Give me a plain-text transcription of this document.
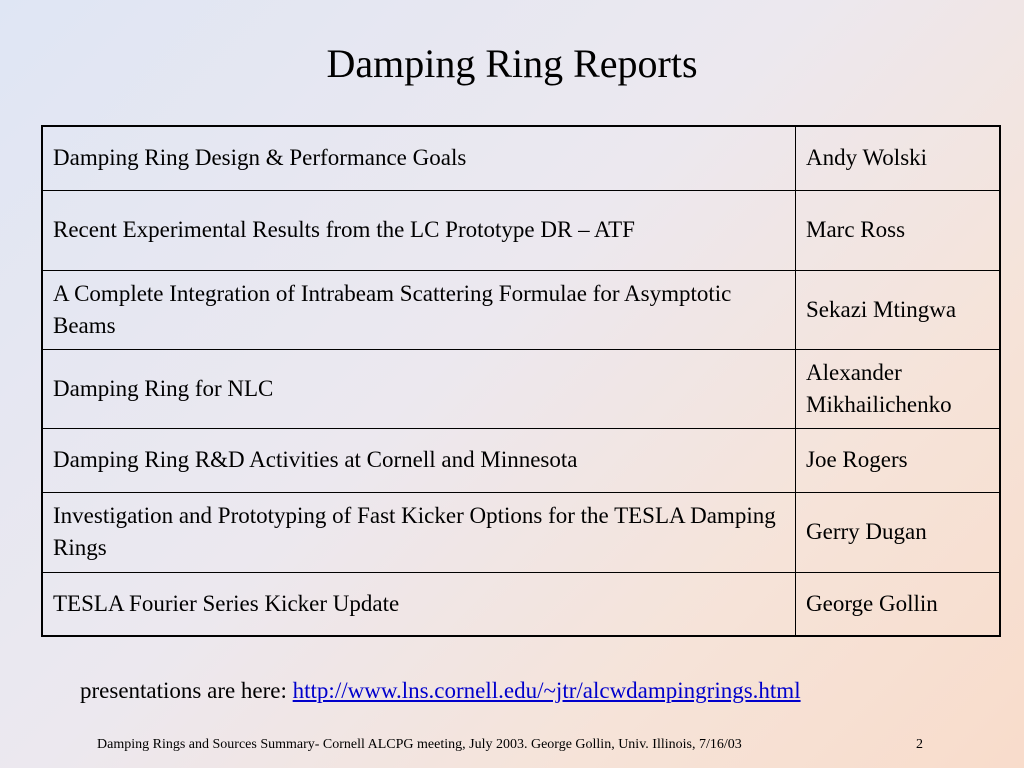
Damping Ring Reports
Damping Ring Design & Performance Goals	Andy Wolski
Recent Experimental Results from the LC Prototype DR – ATF	Marc Ross
A Complete Integration of Intrabeam Scattering Formulae for Asymptotic Beams	Sekazi Mtingwa
Damping Ring for NLC	Alexander Mikhailichenko
Damping Ring R&D Activities at Cornell and Minnesota	Joe Rogers
Investigation and Prototyping of Fast Kicker Options for the TESLA Damping Rings	Gerry Dugan
TESLA Fourier Series Kicker Update	George Gollin
presentations are here: http://www.lns.cornell.edu/~jtr/alcwdampingrings.html
Damping Rings and Sources Summary- Cornell ALCPG meeting, July 2003. George Gollin, Univ. Illinois, 7/16/03	2
